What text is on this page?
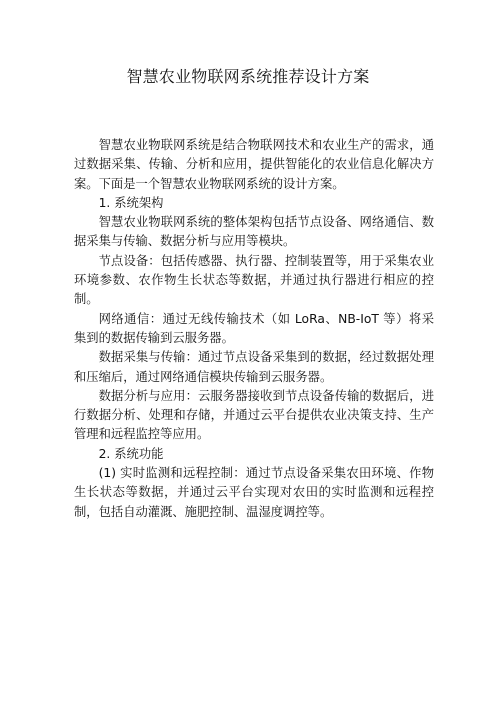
智慧农业物联网系统推荐设计方案

智慧农业物联网系统是结合物联网技术和农业生产的需求，通过数据采集、传输、分析和应用，提供智能化的农业信息化解决方案。下面是一个智慧农业物联网系统的设计方案。

1. 系统架构

智慧农业物联网系统的整体架构包括节点设备、网络通信、数据采集与传输、数据分析与应用等模块。

节点设备：包括传感器、执行器、控制装置等，用于采集农业环境参数、农作物生长状态等数据，并通过执行器进行相应的控制。

网络通信：通过无线传输技术（如 LoRa、NB-IoT 等）将采集到的数据传输到云服务器。

数据采集与传输：通过节点设备采集到的数据，经过数据处理和压缩后，通过网络通信模块传输到云服务器。

数据分析与应用：云服务器接收到节点设备传输的数据后，进行数据分析、处理和存储，并通过云平台提供农业决策支持、生产管理和远程监控等应用。

2. 系统功能

(1) 实时监测和远程控制：通过节点设备采集农田环境、作物生长状态等数据，并通过云平台实现对农田的实时监测和远程控制，包括自动灌溉、施肥控制、温湿度调控等。
